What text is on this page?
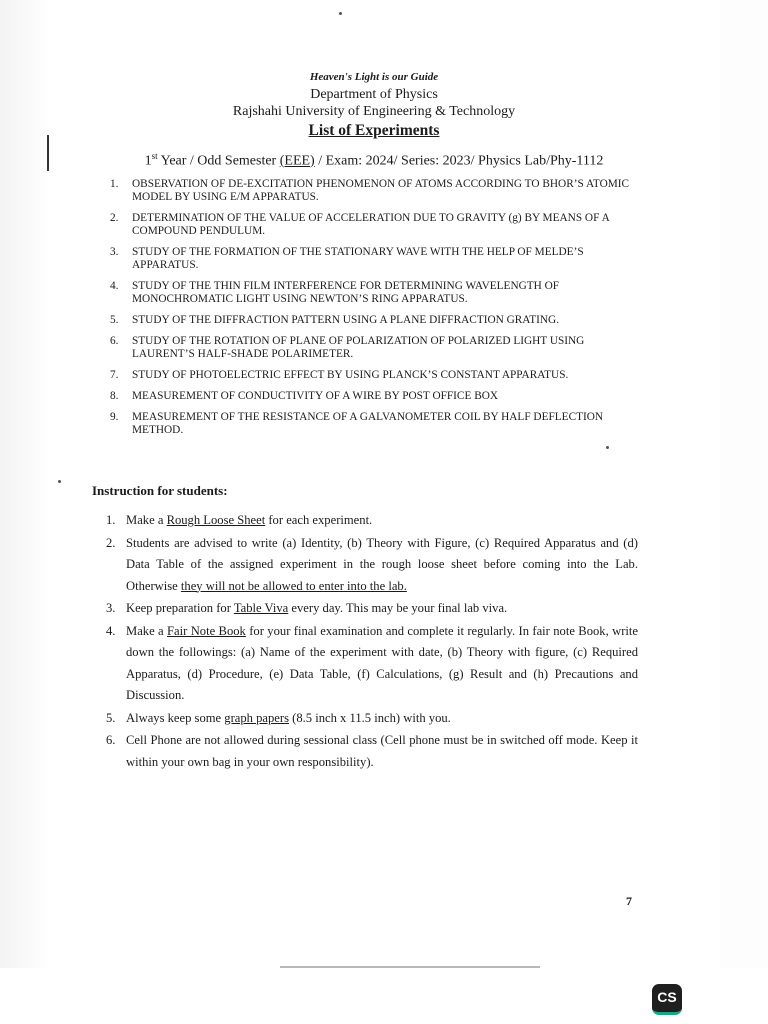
Heaven's Light is our Guide
Department of Physics
Rajshahi University of Engineering & Technology
List of Experiments
1st Year / Odd Semester (EEE) / Exam: 2024/ Series: 2023/ Physics Lab/Phy-1112
1.	OBSERVATION OF DE-EXCITATION PHENOMENON OF ATOMS ACCORDING TO BHOR’S ATOMIC MODEL BY USING E/M APPARATUS.
2.	DETERMINATION OF THE VALUE OF ACCELERATION DUE TO GRAVITY (g) BY MEANS OF A COMPOUND PENDULUM.
3.	STUDY OF THE FORMATION OF THE STATIONARY WAVE WITH THE HELP OF MELDE’S APPARATUS.
4.	STUDY OF THE THIN FILM INTERFERENCE FOR DETERMINING WAVELENGTH OF MONOCHROMATIC LIGHT USING NEWTON’S RING APPARATUS.
5.	STUDY OF THE DIFFRACTION PATTERN USING A PLANE DIFFRACTION GRATING.
6.	STUDY OF THE ROTATION OF PLANE OF POLARIZATION OF POLARIZED LIGHT USING LAURENT’S HALF-SHADE POLARIMETER.
7.	STUDY OF PHOTOELECTRIC EFFECT BY USING PLANCK’S CONSTANT APPARATUS.
8.	MEASUREMENT OF CONDUCTIVITY OF A WIRE BY POST OFFICE BOX
9.	MEASUREMENT OF THE RESISTANCE OF A GALVANOMETER COIL BY HALF DEFLECTION METHOD.
Instruction for students:
1. Make a Rough Loose Sheet for each experiment.
2. Students are advised to write (a) Identity, (b) Theory with Figure, (c) Required Apparatus and (d) Data Table of the assigned experiment in the rough loose sheet before coming into the Lab. Otherwise they will not be allowed to enter into the lab.
3. Keep preparation for Table Viva every day. This may be your final lab viva.
4. Make a Fair Note Book for your final examination and complete it regularly. In fair note Book, write down the followings: (a) Name of the experiment with date, (b) Theory with figure, (c) Required Apparatus, (d) Procedure, (e) Data Table, (f) Calculations, (g) Result and (h) Precautions and Discussion.
5. Always keep some graph papers (8.5 inch x 11.5 inch) with you.
6. Cell Phone are not allowed during sessional class (Cell phone must be in switched off mode. Keep it within your own bag in your own responsibility).
7
CS
